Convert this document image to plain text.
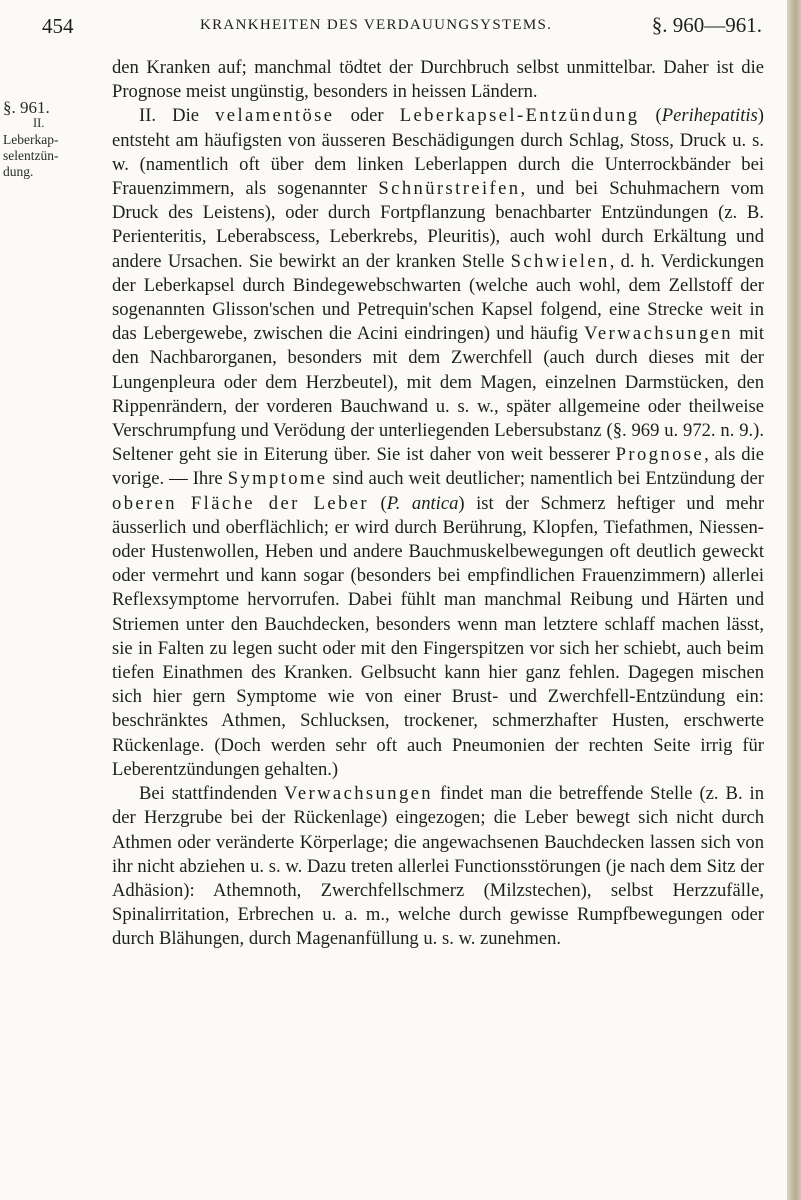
454	KRANKHEITEN DES VERDAUUNGSYSTEMS.	§. 960—961.
§. 961.
II.
Leberkap-
selentzün-
dung.

den Kranken auf; manchmal tödtet der Durchbruch selbst unmittelbar. Daher ist die Prognose meist ungünstig, besonders in heissen Ländern.

II. Die velamentöse oder Leberkapsel-Entzündung (Perihepatitis) entsteht am häufigsten von äusseren Beschädigungen durch Schlag, Stoss, Druck u. s. w. (namentlich oft über dem linken Leberlappen durch die Unterrockbänder bei Frauenzimmern, als sogenannter Schnürstreifen, und bei Schuhmachern vom Druck des Leistens), oder durch Fortpflanzung benachbarter Entzündungen (z. B. Perienteritis, Leberabscess, Leberkrebs, Pleuritis), auch wohl durch Erkältung und andere Ursachen. Sie bewirkt an der kranken Stelle Schwielen, d. h. Verdickungen der Leberkapsel durch Bindegewebschwarten (welche auch wohl, dem Zellstoff der sogenannten Glisson'schen und Petrequin'schen Kapsel folgend, eine Strecke weit in das Lebergewebe, zwischen die Acini eindringen) und häufig Verwachsungen mit den Nachbarorganen, besonders mit dem Zwerchfell (auch durch dieses mit der Lungenpleura oder dem Herzbeutel), mit dem Magen, einzelnen Darmstücken, den Rippenrändern, der vorderen Bauchwand u. s. w., später allgemeine oder theilweise Verschrumpfung und Verödung der unterliegenden Lebersubstanz (§. 969 u. 972. n. 9.). Seltener geht sie in Eiterung über. Sie ist daher von weit besserer Prognose, als die vorige. — Ihre Symptome sind auch weit deutlicher; namentlich bei Entzündung der oberen Fläche der Leber (P. antica) ist der Schmerz heftiger und mehr äusserlich und oberflächlich; er wird durch Berührung, Klopfen, Tiefathmen, Niessen- oder Hustenwollen, Heben und andere Bauchmuskelbewegungen oft deutlich geweckt oder vermehrt und kann sogar (besonders bei empfindlichen Frauenzimmern) allerlei Reflexsymptome hervorrufen. Dabei fühlt man manchmal Reibung und Härten und Striemen unter den Bauchdecken, besonders wenn man letztere schlaff machen lässt, sie in Falten zu legen sucht oder mit den Fingerspitzen vor sich her schiebt, auch beim tiefen Einathmen des Kranken. Gelbsucht kann hier ganz fehlen. Dagegen mischen sich hier gern Symptome wie von einer Brust- und Zwerchfell-Entzündung ein: beschränktes Athmen, Schlucksen, trockener, schmerzhafter Husten, erschwerte Rückenlage. (Doch werden sehr oft auch Pneumonien der rechten Seite irrig für Leberentzündungen gehalten.)

Bei stattfindenden Verwachsungen findet man die betreffende Stelle (z. B. in der Herzgrube bei der Rückenlage) eingezogen; die Leber bewegt sich nicht durch Athmen oder veränderte Körperlage; die angewachsenen Bauchdecken lassen sich von ihr nicht abziehen u. s. w. Dazu treten allerlei Functionsstörungen (je nach dem Sitz der Adhäsion): Athemnoth, Zwerchfellschmerz (Milzstechen), selbst Herzzufälle, Spinalirritation, Erbrechen u. a. m., welche durch gewisse Rumpfbewegungen oder durch Blähungen, durch Magenanfüllung u. s. w. zunehmen.
